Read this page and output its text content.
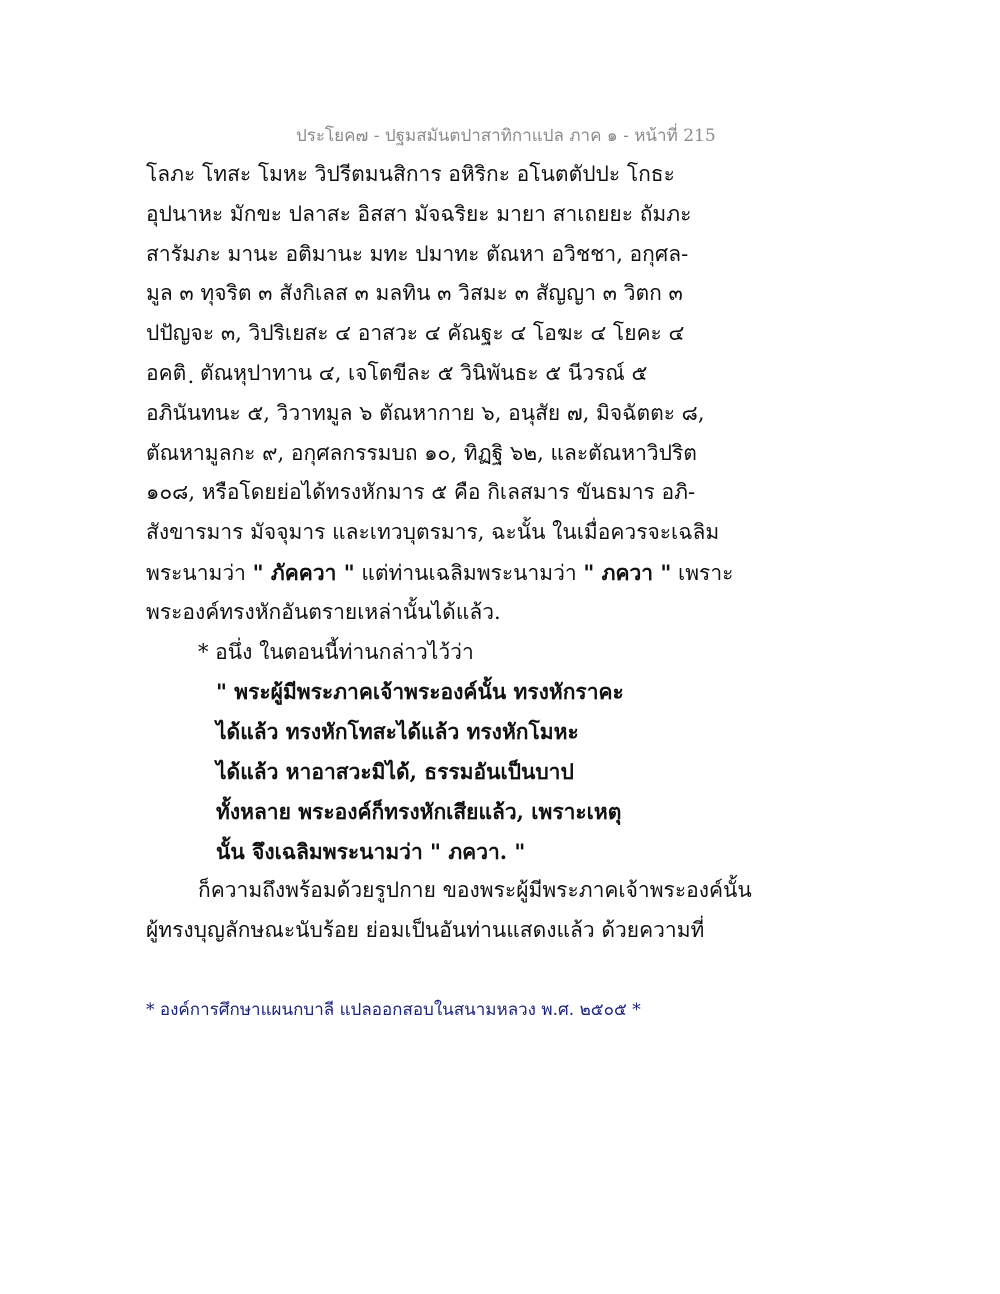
ประโยค๗ - ปฐมสมันตปาสาทิกาแปล ภาค ๑ - หน้าที่ 215
โลภะ โทสะ โมหะ วิปรีตมนสิการ อหิริกะ อโนตตัปปะ โกธะ
อุปนาหะ มักขะ ปลาสะ อิสสา มัจฉริยะ มายา สาเถยยะ ถัมภะ
สารัมภะ มานะ อติมานะ มทะ ปมาทะ ตัณหา อวิชชา, อกุศล-
มูล ๓ ทุจริต ๓ สังกิเลส ๓ มลทิน ๓ วิสมะ ๓ สัญญา ๓ วิตก ๓
ปปัญจะ ๓, วิปริเยสะ ๔ อาสวะ ๔ คัณฐะ ๔ โอฆะ ๔ โยคะ ๔
อคติ ฺ ตัณหุปาทาน ๔, เจโตขีละ ๕ วินิพันธะ ๕ นีวรณ์ ๕
อภินันทนะ ๕, วิวาทมูล ๖ ตัณหากาย ๖, อนุสัย ๗, มิจฉัตตะ ๘,
ตัณหามูลกะ ๙, อกุศลกรรมบถ ๑๐, ทิฏฐิ ๖๒, และตัณหาวิปริต
๑๐๘, หรือโดยย่อได้ทรงหักมาร ๕ คือ กิเลสมาร ขันธมาร อภิ-
สังขารมาร มัจจุมาร และเทวบุตรมาร, ฉะนั้น ในเมื่อควรจะเฉลิม
พระนามว่า " ภัคควา " แต่ท่านเฉลิมพระนามว่า " ภควา " เพราะ
พระองค์ทรงหักอันตรายเหล่านั้นได้แล้ว.
* อนึ่ง ในตอนนี้ท่านกล่าวไว้ว่า
" พระผู้มีพระภาคเจ้าพระองค์นั้น ทรงหักราคะ
ได้แล้ว ทรงหักโทสะได้แล้ว ทรงหักโมหะ
ได้แล้ว หาอาสวะมิได้, ธรรมอันเป็นบาป
ทั้งหลาย พระองค์ก็ทรงหักเสียแล้ว, เพราะเหตุ
นั้น จึงเฉลิมพระนามว่า " ภควา. "
ก็ความถึงพร้อมด้วยรูปกาย ของพระผู้มีพระภาคเจ้าพระองค์นั้น
ผู้ทรงบุญลักษณะนับร้อย ย่อมเป็นอันท่านแสดงแล้ว ด้วยความที่
* องค์การศึกษาแผนกบาลี แปลออกสอบในสนามหลวง พ.ศ. ๒๕๐๕ *
